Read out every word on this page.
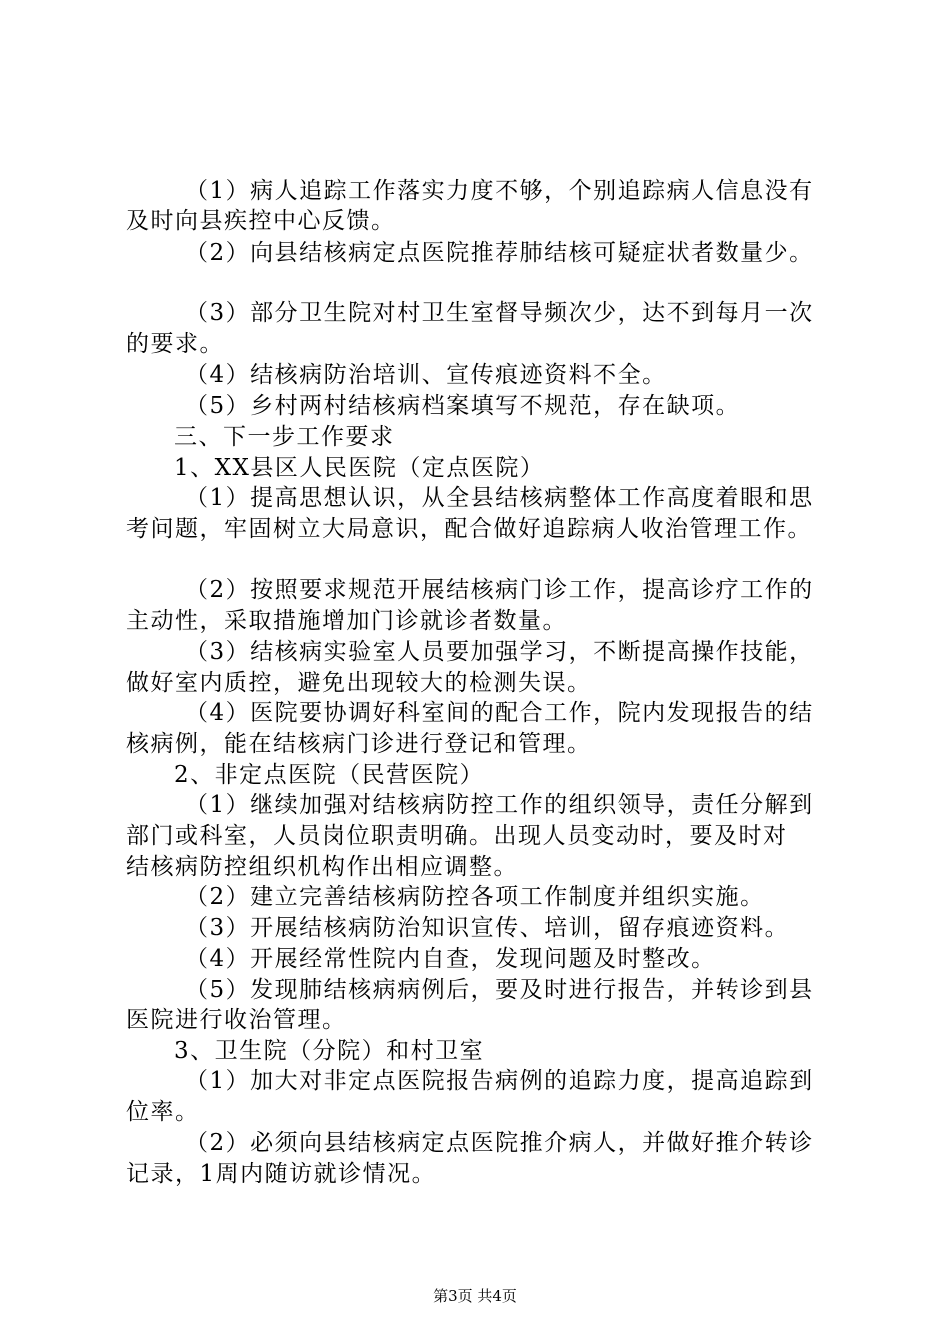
（1）病人追踪工作落实力度不够，个别追踪病人信息没有
及时向县疾控中心反馈。
（2）向县结核病定点医院推荐肺结核可疑症状者数量少。
（3）部分卫生院对村卫生室督导频次少，达不到每月一次
的要求。
（4）结核病防治培训、宣传痕迹资料不全。
（5）乡村两村结核病档案填写不规范，存在缺项。
三、下一步工作要求
1、XX县区人民医院（定点医院）
（1）提高思想认识，从全县结核病整体工作高度着眼和思
考问题，牢固树立大局意识，配合做好追踪病人收治管理工作。
（2）按照要求规范开展结核病门诊工作，提高诊疗工作的
主动性，采取措施增加门诊就诊者数量。
（3）结核病实验室人员要加强学习，不断提高操作技能，
做好室内质控，避免出现较大的检测失误。
（4）医院要协调好科室间的配合工作，院内发现报告的结
核病例，能在结核病门诊进行登记和管理。
2、非定点医院（民营医院）
（1）继续加强对结核病防控工作的组织领导，责任分解到
部门或科室，人员岗位职责明确。出现人员变动时，要及时对
结核病防控组织机构作出相应调整。
（2）建立完善结核病防控各项工作制度并组织实施。
（3）开展结核病防治知识宣传、培训，留存痕迹资料。
（4）开展经常性院内自查，发现问题及时整改。
（5）发现肺结核病病例后，要及时进行报告，并转诊到县
医院进行收治管理。
3、卫生院（分院）和村卫室
（1）加大对非定点医院报告病例的追踪力度，提高追踪到
位率。
（2）必须向县结核病定点医院推介病人，并做好推介转诊
记录，1周内随访就诊情况。
第3页 共4页
